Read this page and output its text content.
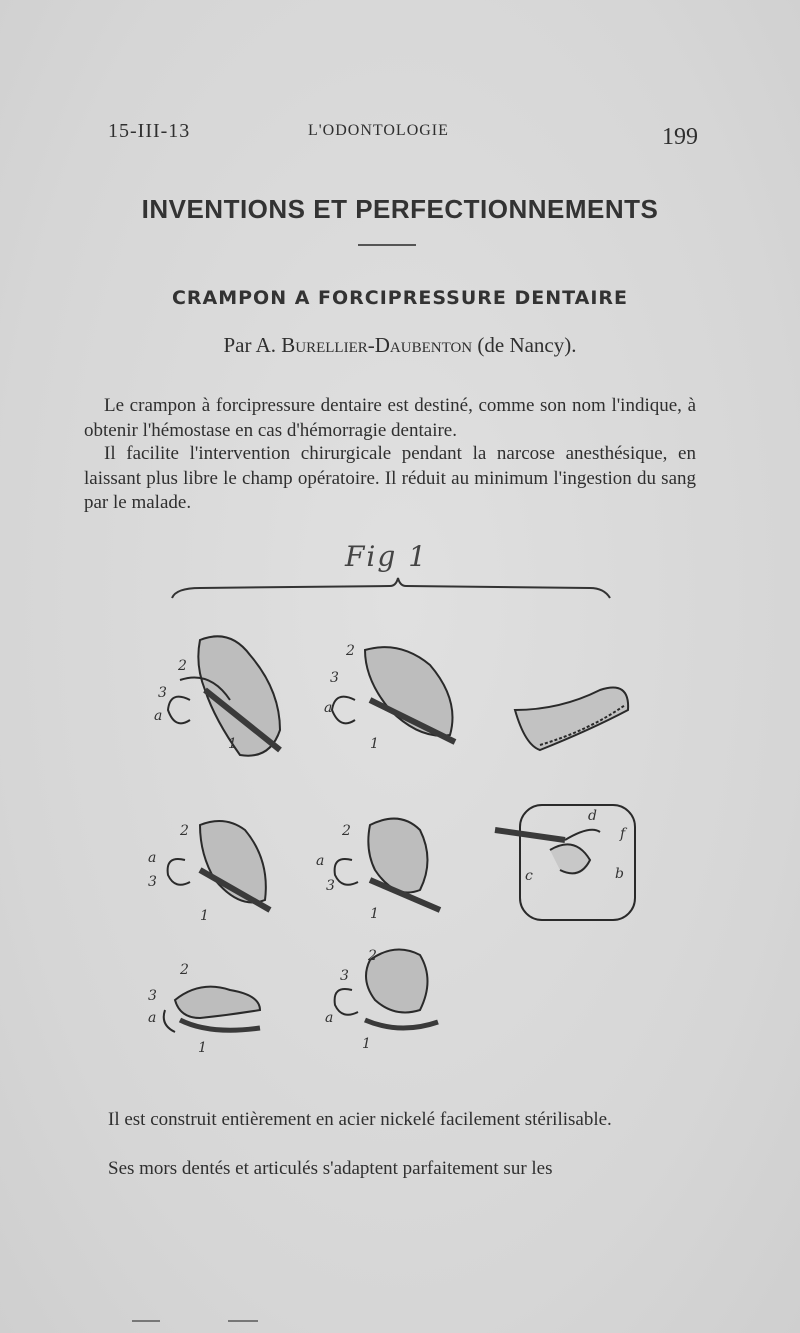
15-III-13	L'ODONTOLOGIE	199
INVENTIONS ET PERFECTIONNEMENTS
CRAMPON A FORCIPRESSURE DENTAIRE
Par A. Burellier-Daubenton (de Nancy).

Le crampon à forcipressure dentaire est destiné, comme son nom l'indique, à obtenir l'hémostase en cas d'hémorragie dentaire.

Il facilite l'intervention chirurgicale pendant la narcose anesthésique, en laissant plus libre le champ opératoire. Il réduit au minimum l'ingestion du sang par le malade.

Fig 1
2
3
a
1
2
3
a
1
2
a
3
1
2
a
3
1
d
f
c	b
2
3
a
1
2
3
a
1

Il est construit entièrement en acier nickelé facilement stérilisable.

Ses mors dentés et articulés s'adaptent parfaitement sur les
